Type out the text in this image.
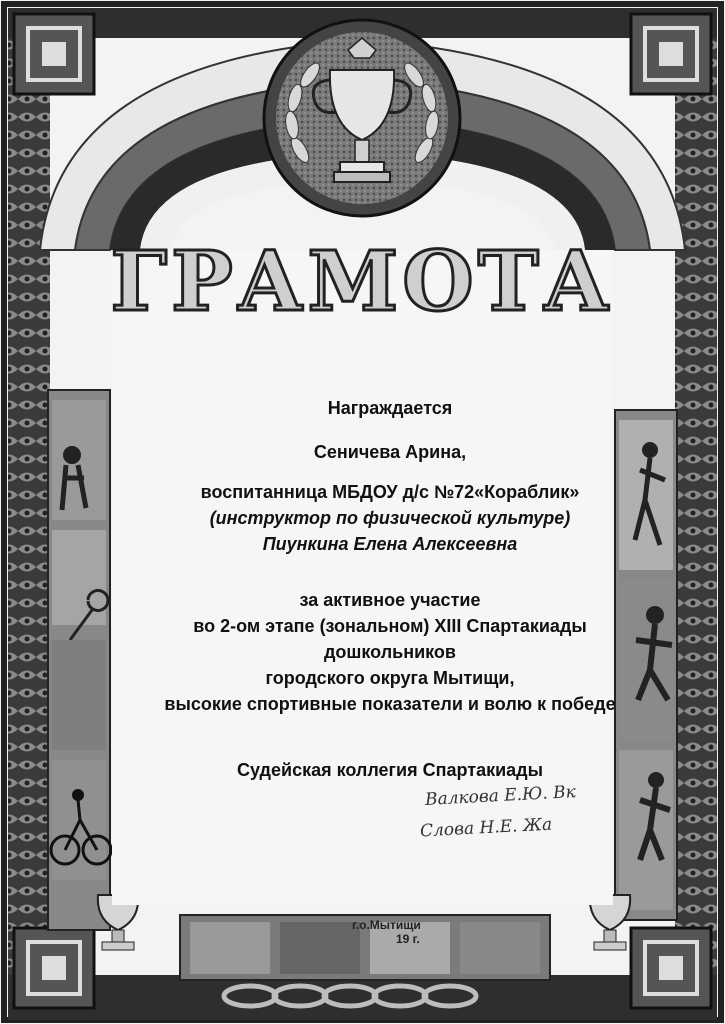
ГРАМОТА
Награждается
Сеничева Арина,
воспитанница МБДОУ д/с №72«Кораблик»
(инструктор по физической культуре)
Пиункина Елена Алексеевна
за активное участие
во 2-ом этапе (зональном) XIII Спартакиады
дошкольников
городского округа Мытищи,
высокие спортивные показатели и волю к победе
Судейская коллегия Спартакиады
Валкова Е.Ю. Вк
Слова Н.Е. Жа
г.о.Мытищи
19 г.
